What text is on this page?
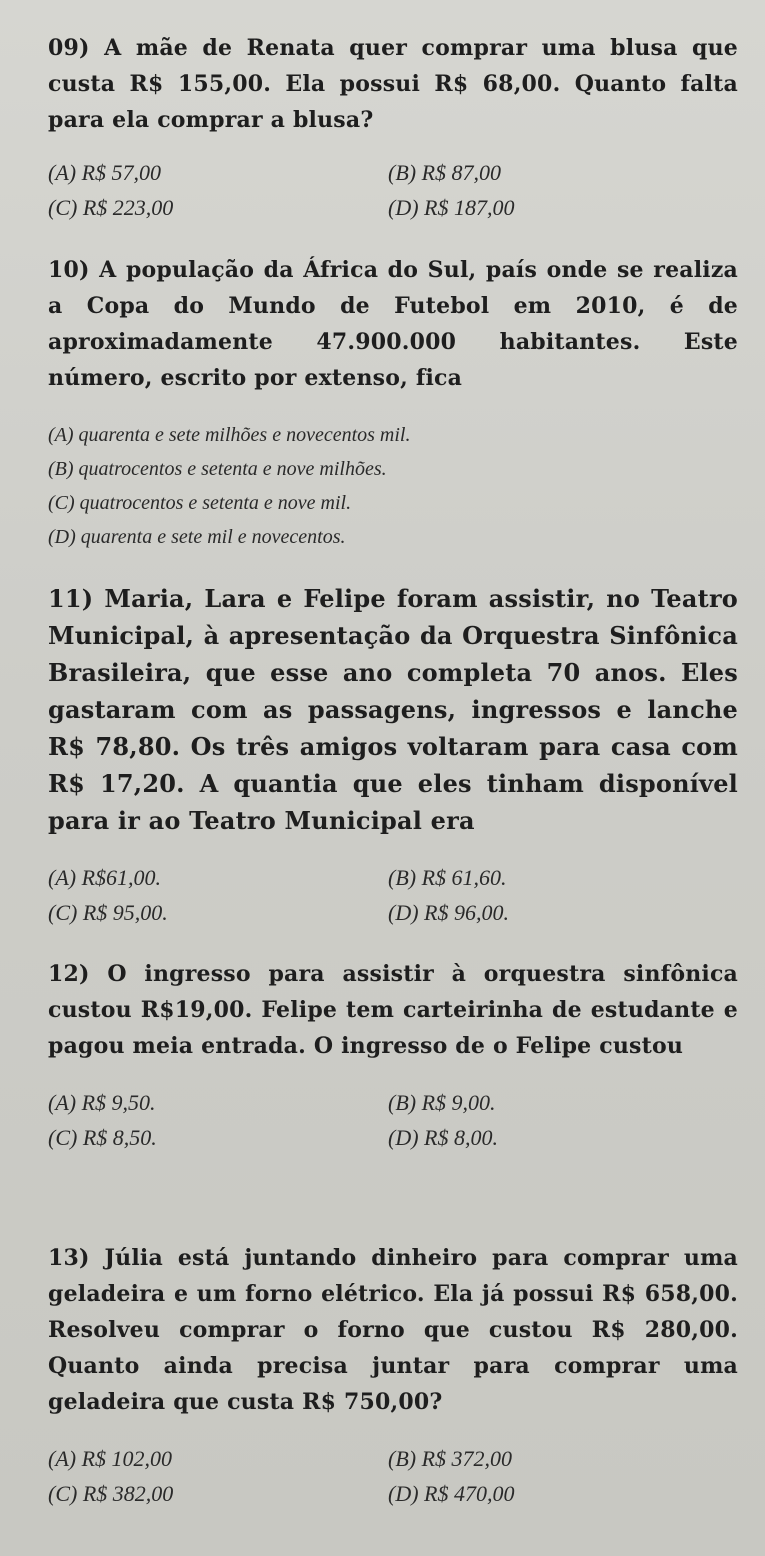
09) A mãe de Renata quer comprar uma blusa que custa R$ 155,00. Ela possui R$ 68,00. Quanto falta para ela comprar a blusa?

(A) R$ 57,00	(B) R$ 87,00
(C) R$ 223,00	(D) R$ 187,00

10) A população da África do Sul, país onde se realiza a Copa do Mundo de Futebol em 2010, é de aproximadamente 47.900.000 habitantes. Este número, escrito por extenso, fica

(A) quarenta e sete milhões e novecentos mil.
(B) quatrocentos e setenta e nove milhões.
(C) quatrocentos e setenta e nove mil.
(D) quarenta e sete mil e novecentos.

11) Maria, Lara e Felipe foram assistir, no Teatro Municipal, à apresentação da Orquestra Sinfônica Brasileira, que esse ano completa 70 anos. Eles gastaram com as passagens, ingressos e lanche R$ 78,80. Os três amigos voltaram para casa com R$ 17,20. A quantia que eles tinham disponível para ir ao Teatro Municipal era

(A) R$61,00.	(B) R$ 61,60.
(C) R$ 95,00.	(D) R$ 96,00.

12) O ingresso para assistir à orquestra sinfônica custou R$19,00. Felipe tem carteirinha de estudante e pagou meia entrada. O ingresso de o Felipe custou

(A) R$ 9,50.	(B) R$ 9,00.
(C) R$ 8,50.	(D) R$ 8,00.

13) Júlia está juntando dinheiro para comprar uma geladeira e um forno elétrico. Ela já possui R$ 658,00. Resolveu comprar o forno que custou R$ 280,00. Quanto ainda precisa juntar para comprar uma geladeira que custa R$ 750,00?

(A) R$ 102,00	(B) R$ 372,00
(C) R$ 382,00	(D) R$ 470,00
